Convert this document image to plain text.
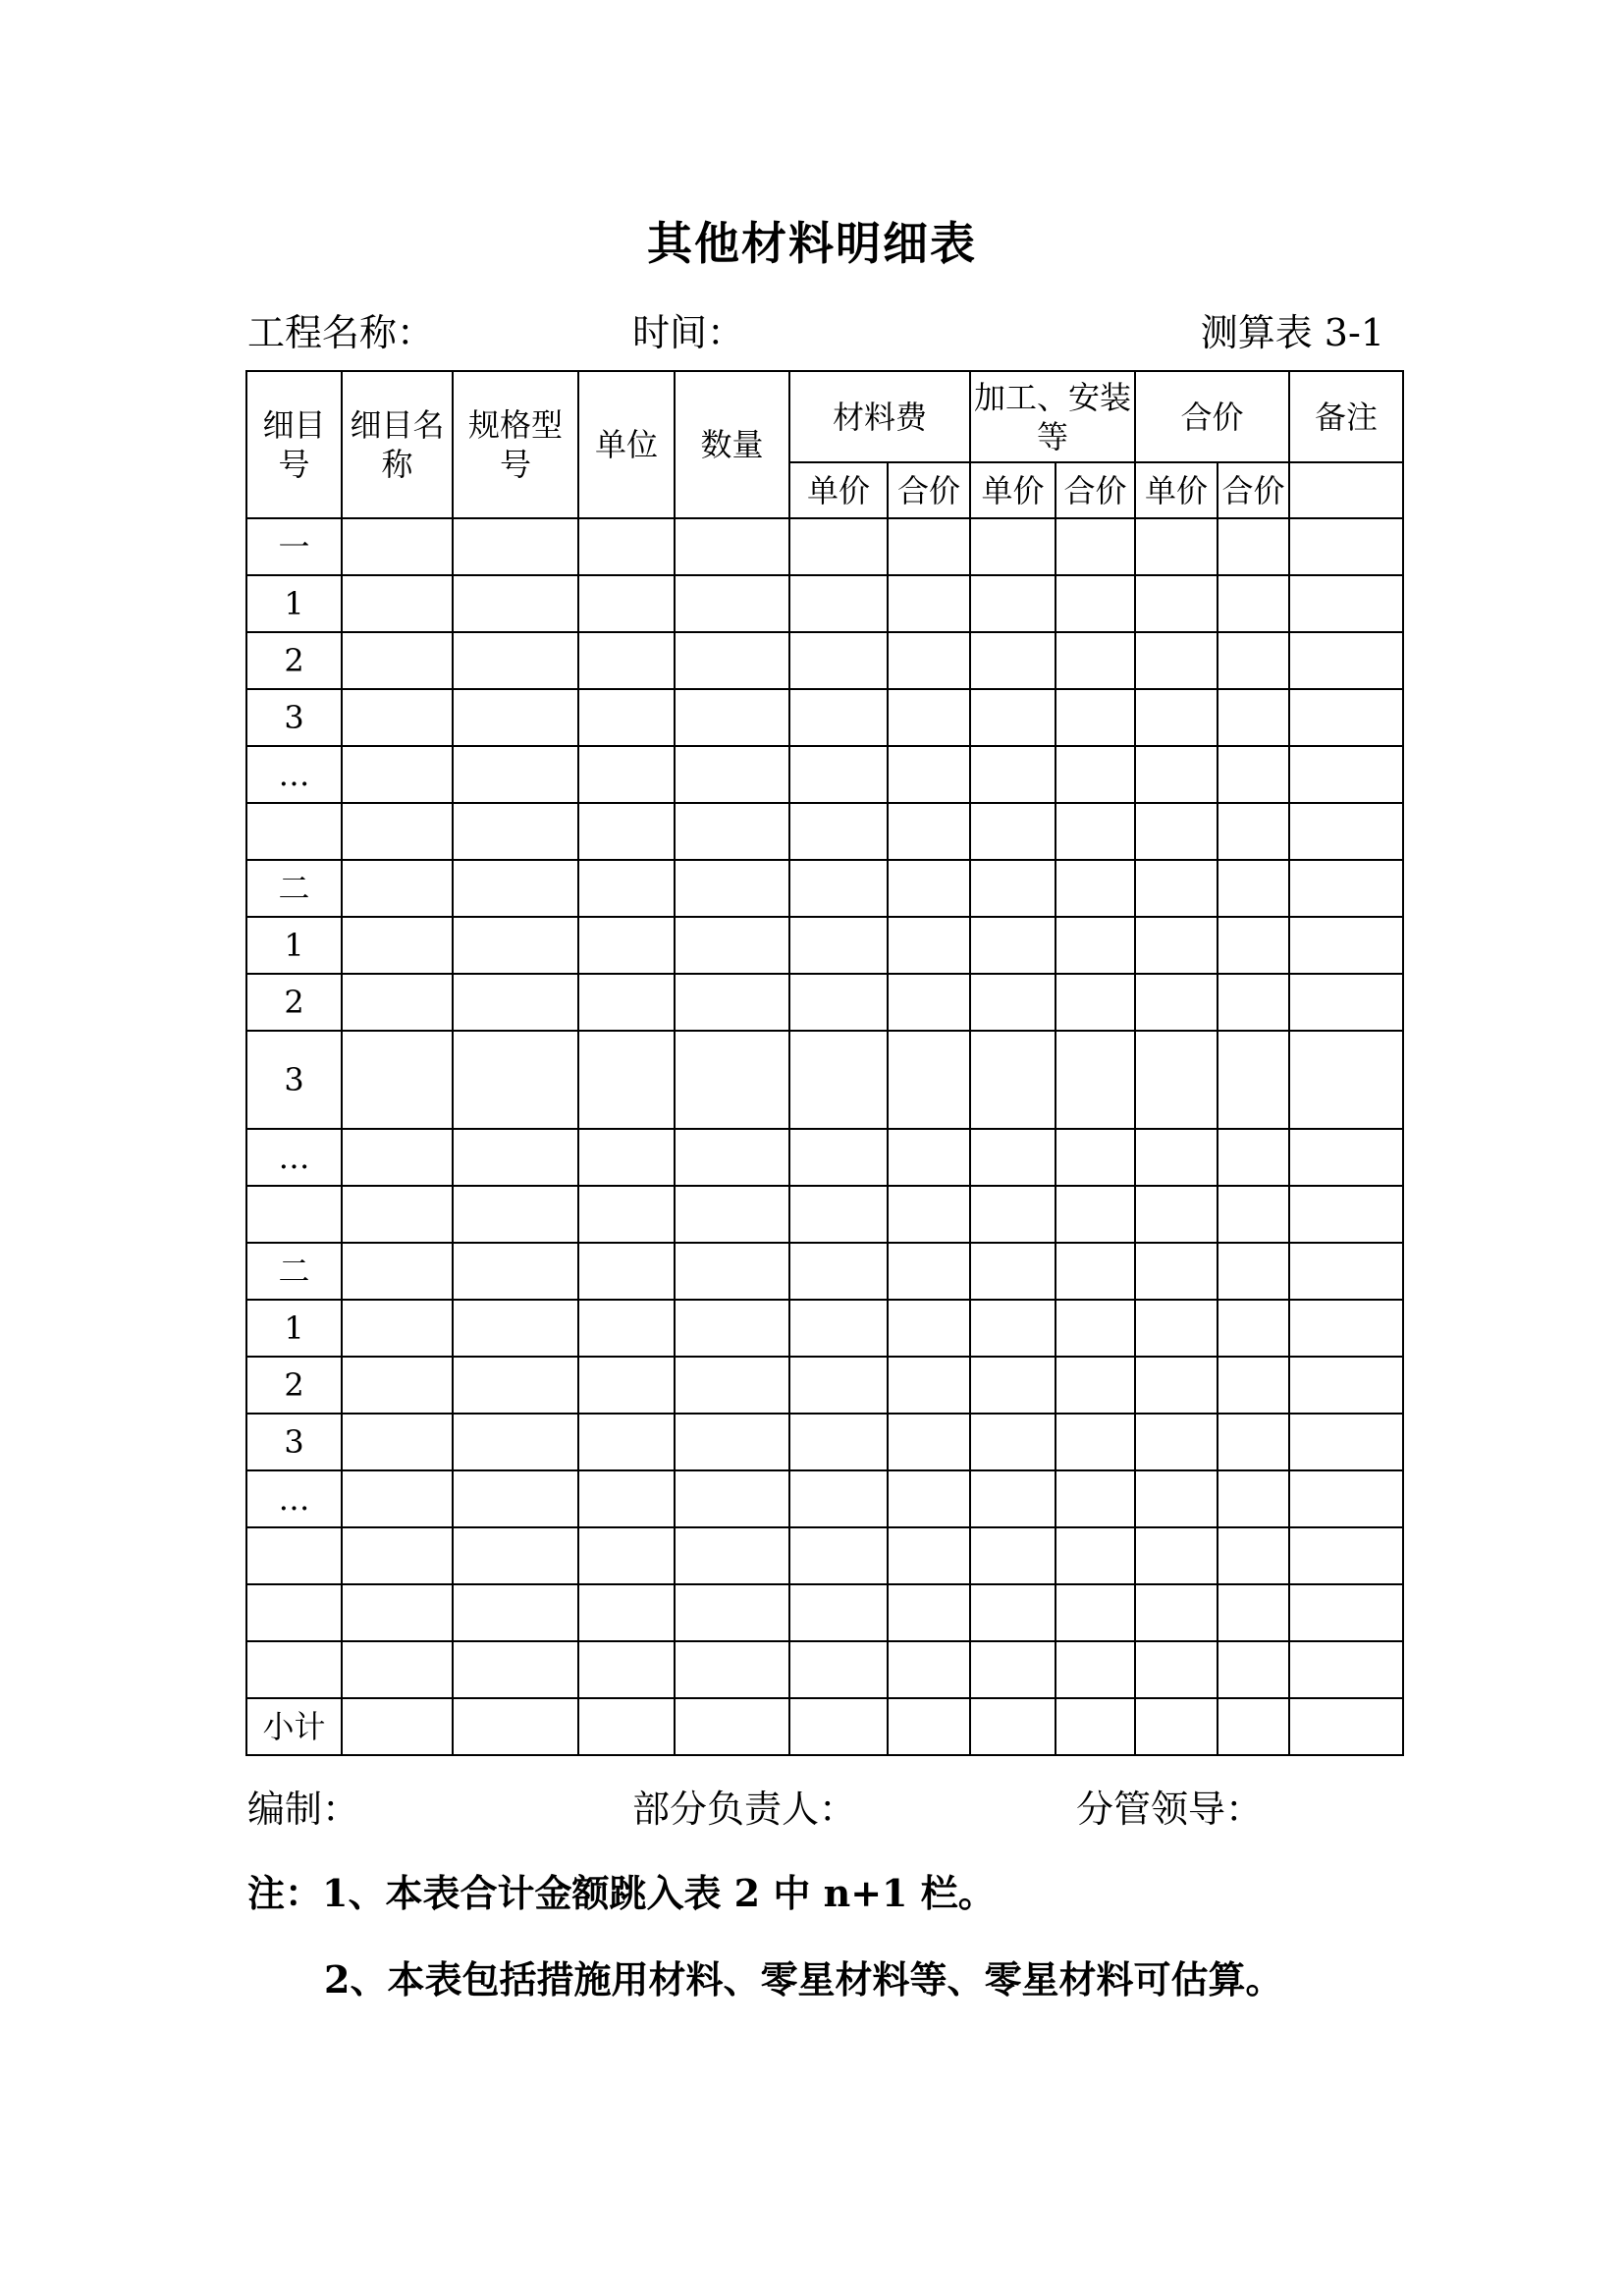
其他材料明细表
工程名称：	时间：	测算表 3-1
细目号	细目名称	规格型号	单位	数量	材料费		加工、安装等		合价		备注
					单价	合价	单价	合价	单价	合价	
一											
1											
2											
3											
…											

二											
1											
2											
3											
…											

二											
1											
2											
3											
…											

小计											
编制：	部分负责人：	分管领导：
注：1、本表合计金额跳入表 2 中 n+1 栏。
2、本表包括措施用材料、零星材料等、零星材料可估算。
